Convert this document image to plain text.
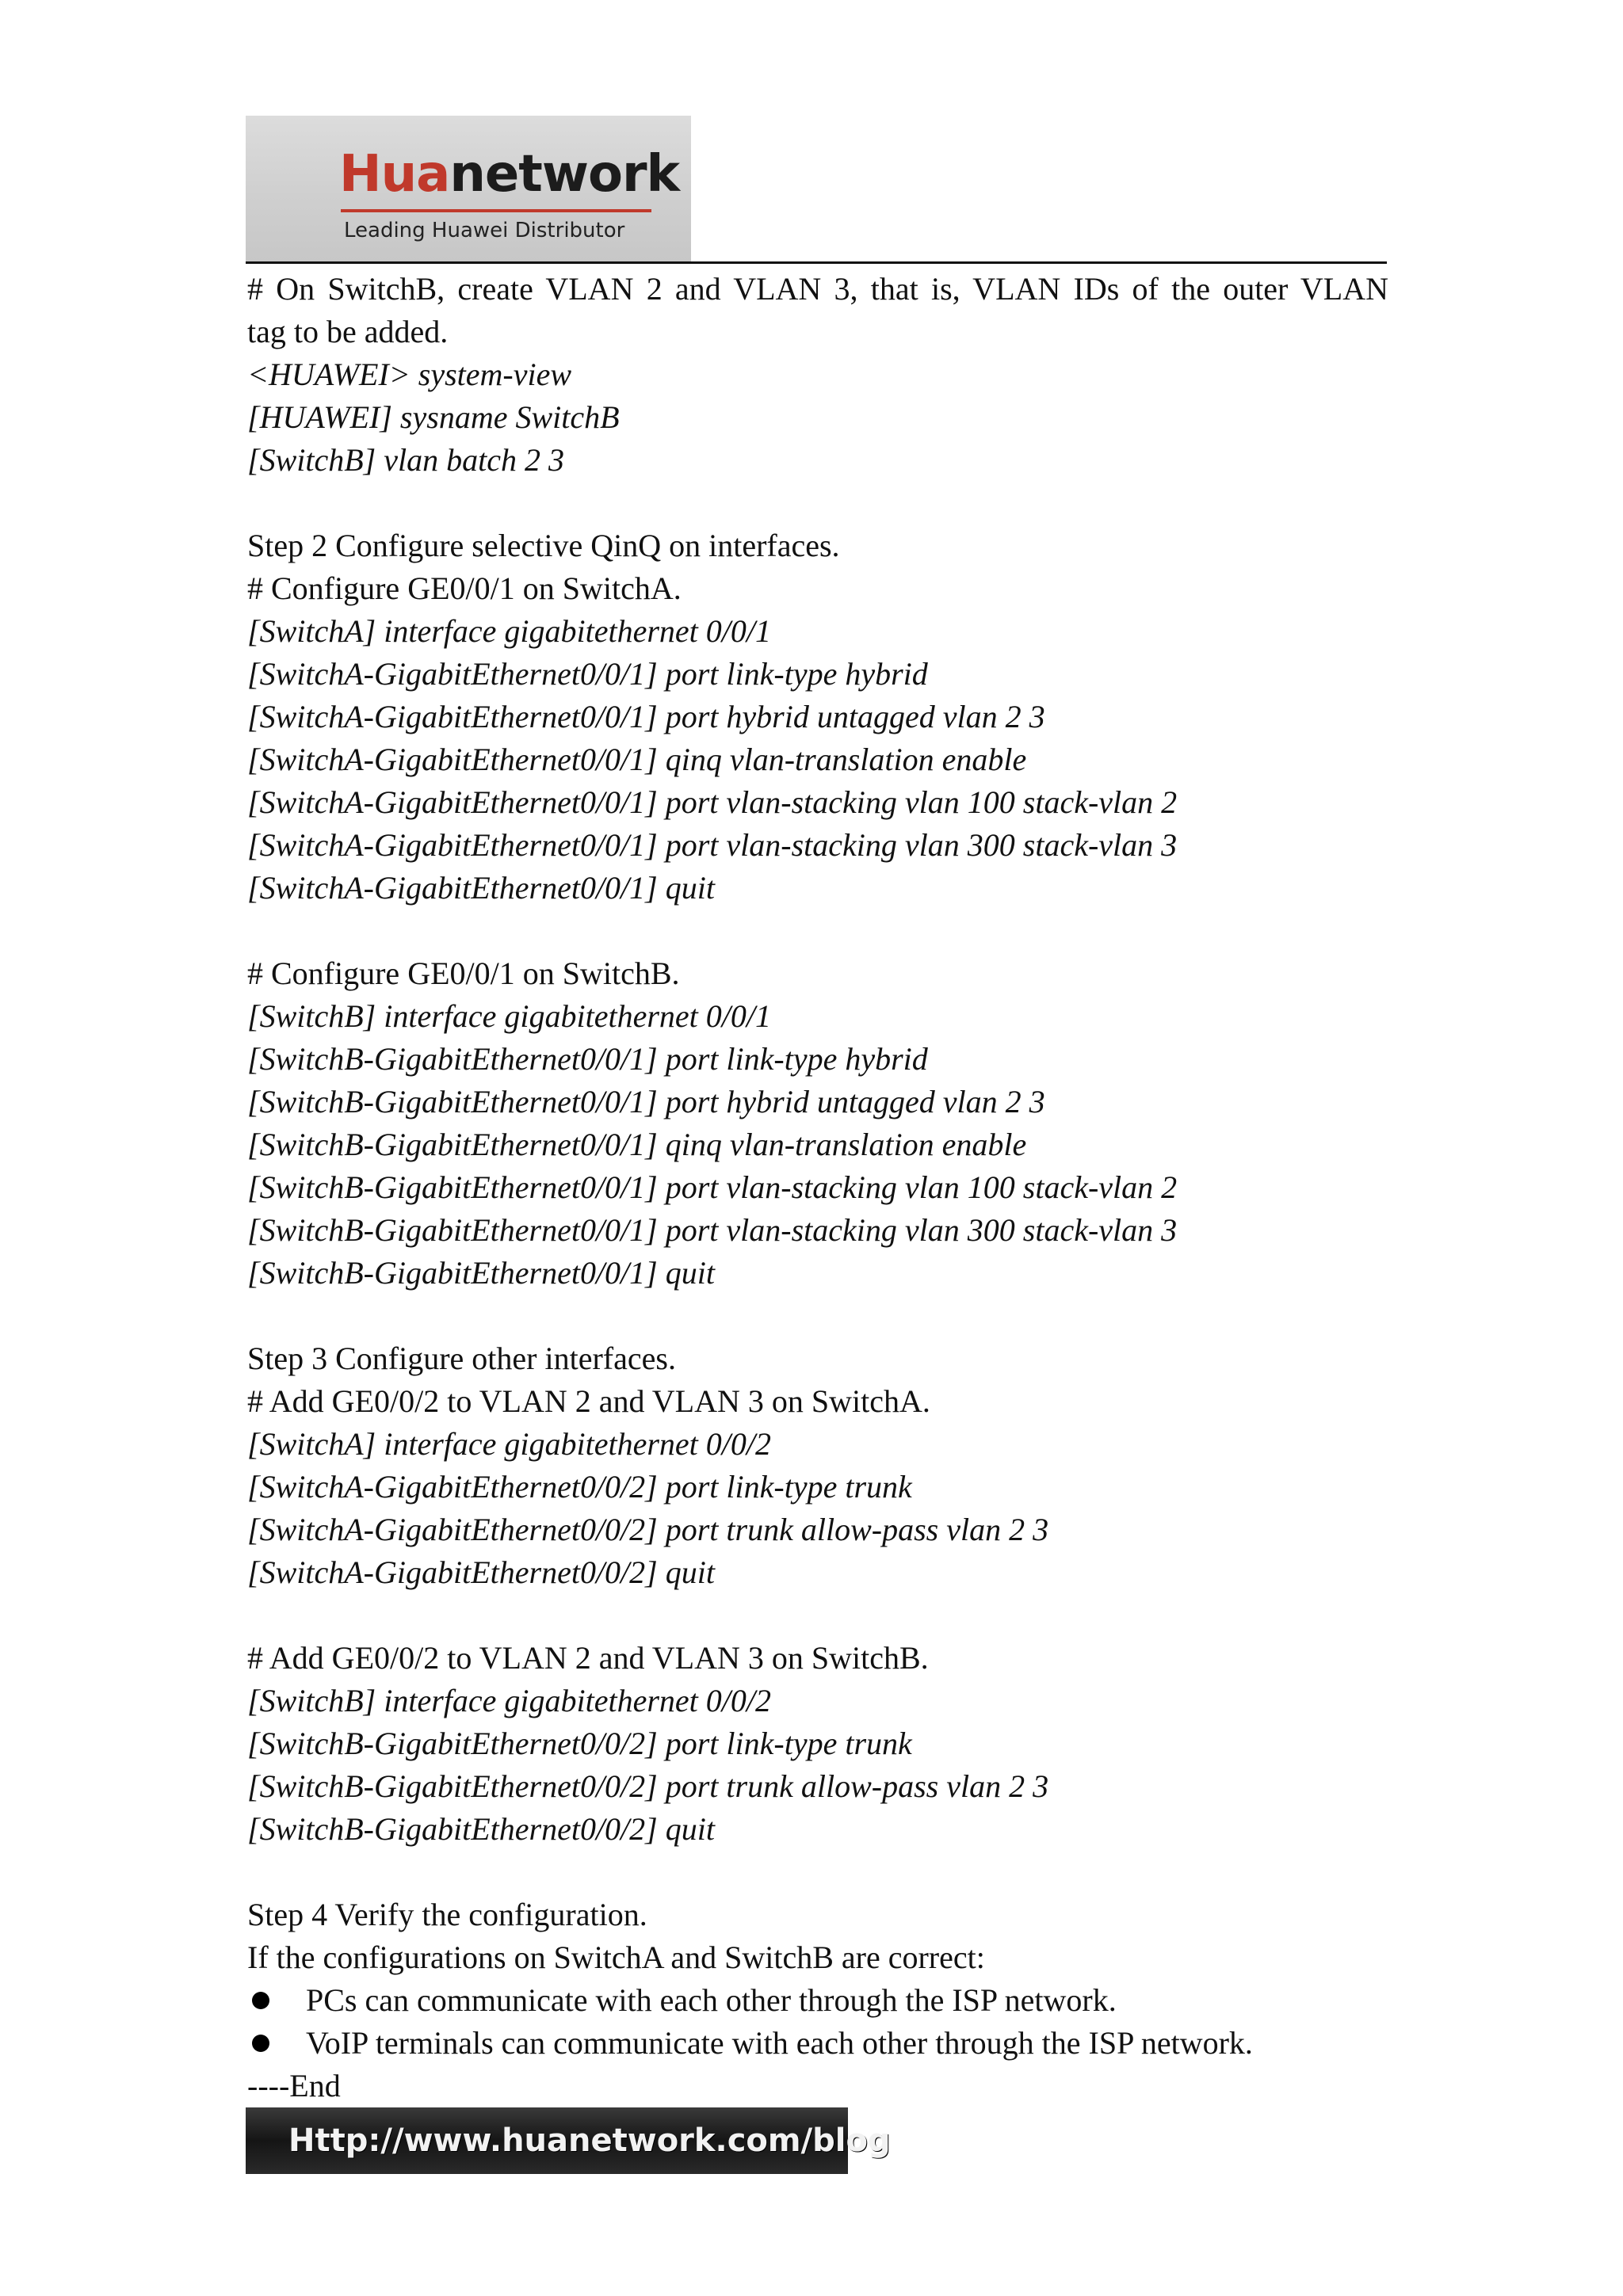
Huanetwork
Leading Huawei Distributor
# On SwitchB, create VLAN 2 and VLAN 3, that is, VLAN IDs of the outer VLAN
tag to be added.
<HUAWEI> system-view
[HUAWEI] sysname SwitchB
[SwitchB] vlan batch 2 3
Step 2 Configure selective QinQ on interfaces.
# Configure GE0/0/1 on SwitchA.
[SwitchA] interface gigabitethernet 0/0/1
[SwitchA-GigabitEthernet0/0/1] port link-type hybrid
[SwitchA-GigabitEthernet0/0/1] port hybrid untagged vlan 2 3
[SwitchA-GigabitEthernet0/0/1] qinq vlan-translation enable
[SwitchA-GigabitEthernet0/0/1] port vlan-stacking vlan 100 stack-vlan 2
[SwitchA-GigabitEthernet0/0/1] port vlan-stacking vlan 300 stack-vlan 3
[SwitchA-GigabitEthernet0/0/1] quit
# Configure GE0/0/1 on SwitchB.
[SwitchB] interface gigabitethernet 0/0/1
[SwitchB-GigabitEthernet0/0/1] port link-type hybrid
[SwitchB-GigabitEthernet0/0/1] port hybrid untagged vlan 2 3
[SwitchB-GigabitEthernet0/0/1] qinq vlan-translation enable
[SwitchB-GigabitEthernet0/0/1] port vlan-stacking vlan 100 stack-vlan 2
[SwitchB-GigabitEthernet0/0/1] port vlan-stacking vlan 300 stack-vlan 3
[SwitchB-GigabitEthernet0/0/1] quit
Step 3 Configure other interfaces.
# Add GE0/0/2 to VLAN 2 and VLAN 3 on SwitchA.
[SwitchA] interface gigabitethernet 0/0/2
[SwitchA-GigabitEthernet0/0/2] port link-type trunk
[SwitchA-GigabitEthernet0/0/2] port trunk allow-pass vlan 2 3
[SwitchA-GigabitEthernet0/0/2] quit
# Add GE0/0/2 to VLAN 2 and VLAN 3 on SwitchB.
[SwitchB] interface gigabitethernet 0/0/2
[SwitchB-GigabitEthernet0/0/2] port link-type trunk
[SwitchB-GigabitEthernet0/0/2] port trunk allow-pass vlan 2 3
[SwitchB-GigabitEthernet0/0/2] quit
Step 4 Verify the configuration.
If the configurations on SwitchA and SwitchB are correct:
PCs can communicate with each other through the ISP network.
VoIP terminals can communicate with each other through the ISP network.
----End
Http://www.huanetwork.com/blog
